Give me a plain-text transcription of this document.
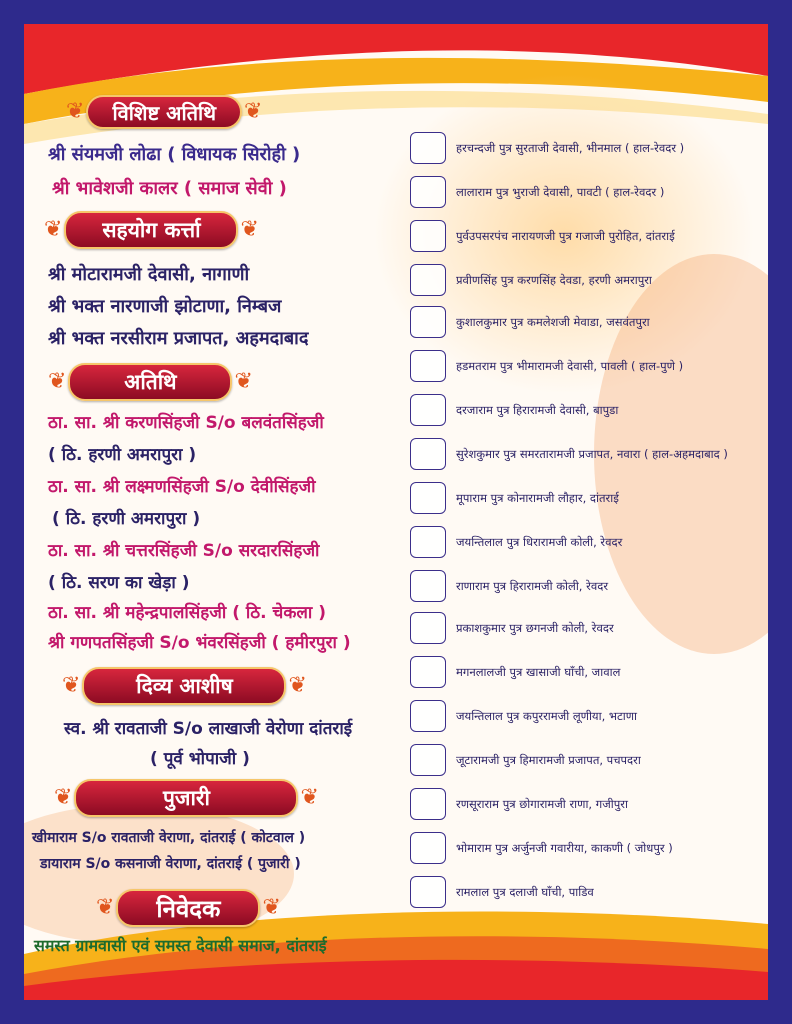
❦	विशिष्ट अतिथि	❦
श्री संयमजी लोढा ( विधायक सिरोही )
श्री भावेशजी कालर ( समाज सेवी )
❦	सहयोग कर्त्ता	❦
श्री मोटारामजी देवासी, नागाणी
श्री भक्त नारणाजी झोटाणा, निम्बज
श्री भक्त नरसीराम प्रजापत, अहमदाबाद
❦	अतिथि	❦
ठा. सा. श्री करणसिंहजी S/o बलवंतसिंहजी
( ठि. हरणी अमरापुरा )
ठा. सा. श्री लक्ष्मणसिंहजी S/o देवीसिंहजी
( ठि. हरणी अमरापुरा )
ठा. सा. श्री चत्तरसिंहजी S/o सरदारसिंहजी
( ठि. सरण का खेड़ा )
ठा. सा. श्री महेन्द्रपालसिंहजी ( ठि. चेकला )
श्री गणपतसिंहजी S/o भंवरसिंहजी ( हमीरपुरा )
❦	दिव्य आशीष	❦
स्व. श्री रावताजी S/o लाखाजी वेरोणा दांतराई
( पूर्व भोपाजी )
❦	पुजारी	❦
खीमाराम S/o रावताजी वेराणा, दांतराई ( कोटवाल )
डायाराम S/o कसनाजी वेराणा, दांतराई ( पुजारी )
❦	निवेदक	❦
समस्त ग्रामवासी एवं समस्त देवासी समाज, दांतराई
हरचन्दजी पुत्र सुरताजी देवासी, भीनमाल ( हाल-रेवदर )
लालाराम पुत्र भुराजी देवासी, पावटी ( हाल-रेवदर )
पुर्वउपसरपंच नारायणजी पुत्र गजाजी पुरोहित, दांतराई
प्रवीणसिंह पुत्र करणसिंह देवडा, हरणी अमरापुरा
कुशालकुमार पुत्र कमलेशजी मेवाडा, जसवंतपुरा
हडमतराम पुत्र भीमारामजी देवासी, पावली ( हाल-पुणे )
दरजाराम पुत्र हिरारामजी देवासी, बापुडा
सुरेशकुमार पुत्र समरतारामजी प्रजापत, नवारा ( हाल-अहमदाबाद )
मूपाराम पुत्र कोनारामजी लौहार, दांतराई
जयन्तिलाल पुत्र धिरारामजी कोली, रेवदर
राणाराम पुत्र हिरारामजी कोली, रेवदर
प्रकाशकुमार पुत्र छगनजी कोली, रेवदर
मगनलालजी पुत्र खासाजी घाँची, जावाल
जयन्तिलाल पुत्र कपुररामजी लूणीया, भटाणा
जूटारामजी पुत्र हिमारामजी प्रजापत, पचपदरा
रणसूराराम पुत्र छोगारामजी राणा, गजीपुरा
भोमाराम पुत्र अर्जुनजी गवारीया, काकणी ( जोधपुर )
रामलाल पुत्र दलाजी घाँची, पाडिव
